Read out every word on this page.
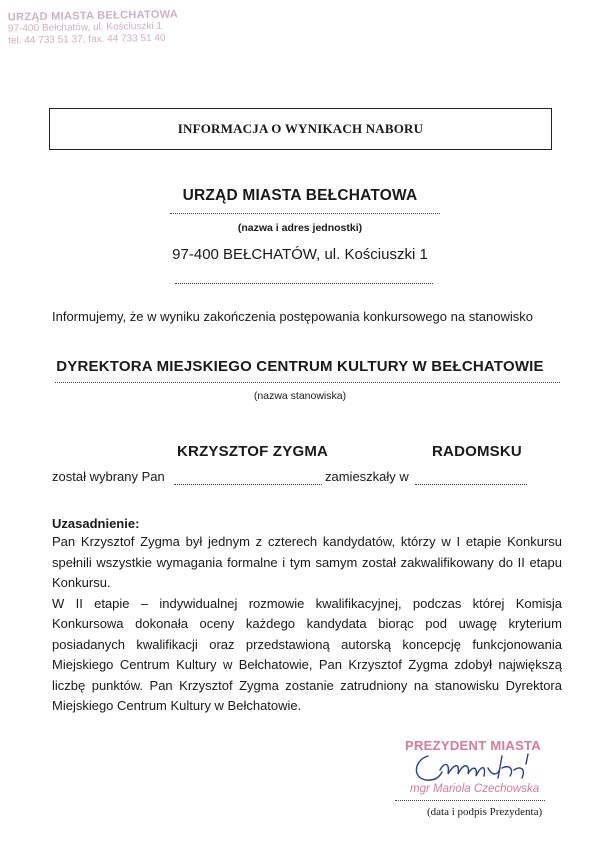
URZĄD MIASTA BEŁCHATOWA
97-400 Bełchatów, ul. Kościuszki 1
tel. 44 733 51 37, fax. 44 733 51 40
INFORMACJA O WYNIKACH NABORU
URZĄD MIASTA BEŁCHATOWA
(nazwa i adres jednostki)
97-400 BEŁCHATÓW, ul. Kościuszki 1
Informujemy, że w wyniku zakończenia postępowania konkursowego na stanowisko
DYREKTORA MIEJSKIEGO CENTRUM KULTURY W BEŁCHATOWIE
(nazwa stanowiska)
KRZYSZTOF ZYGMA	RADOMSKU
został wybrany Pan	zamieszkały w
Uzasadnienie:

Pan Krzysztof Zygma był jednym z czterech kandydatów, którzy w I etapie Konkursu spełnili wszystkie wymagania formalne i tym samym został zakwalifikowany do II etapu Konkursu.

W II etapie – indywidualnej rozmowie kwalifikacyjnej, podczas której Komisja Konkursowa dokonała oceny każdego kandydata biorąc pod uwagę kryterium posiadanych kwalifikacji oraz przedstawioną autorską koncepcję funkcjonowania Miejskiego Centrum Kultury w Bełchatowie, Pan Krzysztof Zygma zdobył największą liczbę punktów. Pan Krzysztof Zygma zostanie zatrudniony na stanowisku Dyrektora Miejskiego Centrum Kultury w Bełchatowie.

PREZYDENT MIASTA
mgr Mariola Czechowska
(data i podpis Prezydenta)
